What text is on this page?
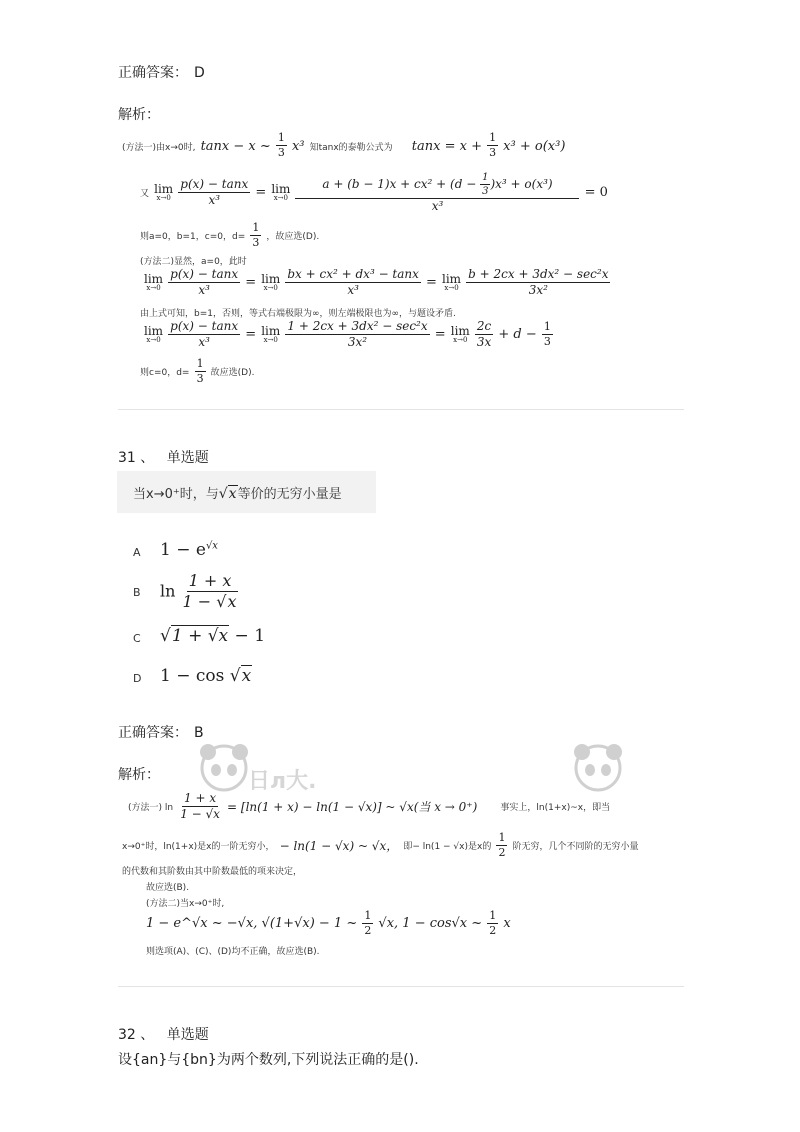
正确答案： D
解析：
(方法一)由x→0时, tanx − x ~ $\frac{1}{3} x^3$ 知tanx的泰勒公式为 $\tan x = x + \frac{1}{3} x^3 + o(x^3)$
又 lim
x→0
$\frac{p(x) - \tan x}{\text{x³}} = \lim$
x→0
$\frac{a + (b - 1)x + cx^2 + (d - \frac{1}{3} )x^3 + o(x^3)}{\text{x³}} = 0$
则a=0，b=1，c=0，$d= \frac{1}{3}$ ，故应选(D).
(方法二)显然，a=0，此时
lim
x→0
$\frac{p(x) - \tan x}{\text{x³}} = \lim$
x→0
$\frac{\text{bx + cx² + dx³ − tanx}}{\text{x³}} = \lim$
x→0
$\frac{\text{b + 2cx + 3dx² − sec²x}}{\text{3x²}}$
由上式可知，b=1，否则，等式右端极限为∞，则左端极限也为∞，与题设矛盾.
lim
x→0
$\frac{p(x) - \tan x}{\text{x³}} = \lim$
x→0
$\frac{\text{1 + 2cx + 3dx² − sec²x}}{\text{3x²}} = \lim$
x→0
$\frac{2c}{3x} + d - \frac{1}{3}$
则c=0，$d= \frac{1}{3}$ 故应选(D).
31 、 单选题
当x→0⁺时，与√x等价的无穷小量是
A $1 - e^{√x}$
B $\ln \frac{1 + x}{1 - √x}$
C √1 + √x − 1
D 1 − cos √x
正确答案： B
解析：	日л大.
(方法一) $\ln \frac{1 + x}{1 - √x} = [\ln(1 + x) - \ln(1 - √x)]$ ~ √x(当 x → 0⁺)	事实上，ln(1+x)~x，即当
x→0⁺时，ln(1+x)是x的一阶无穷小， − ln(1 − √x) ~ √x， 即− ln(1 − √x)是x的 $\frac{1}{2}$ 阶无穷，几个不同阶的无穷小量
的代数和其阶数由其中阶数最低的项来决定，
故应选(B).
(方法二)当x→0⁺时,
1 − e^√x ~ −√x, √(1+√x) − 1 ~ $\frac{1}{2} √x$, 1 − cos√x ~ $\frac{1}{2}$ x
则选项(A)、(C)、(D)均不正确，故应选(B).
32 、 单选题
设{an}与{bn}为两个数列,下列说法正确的是().
